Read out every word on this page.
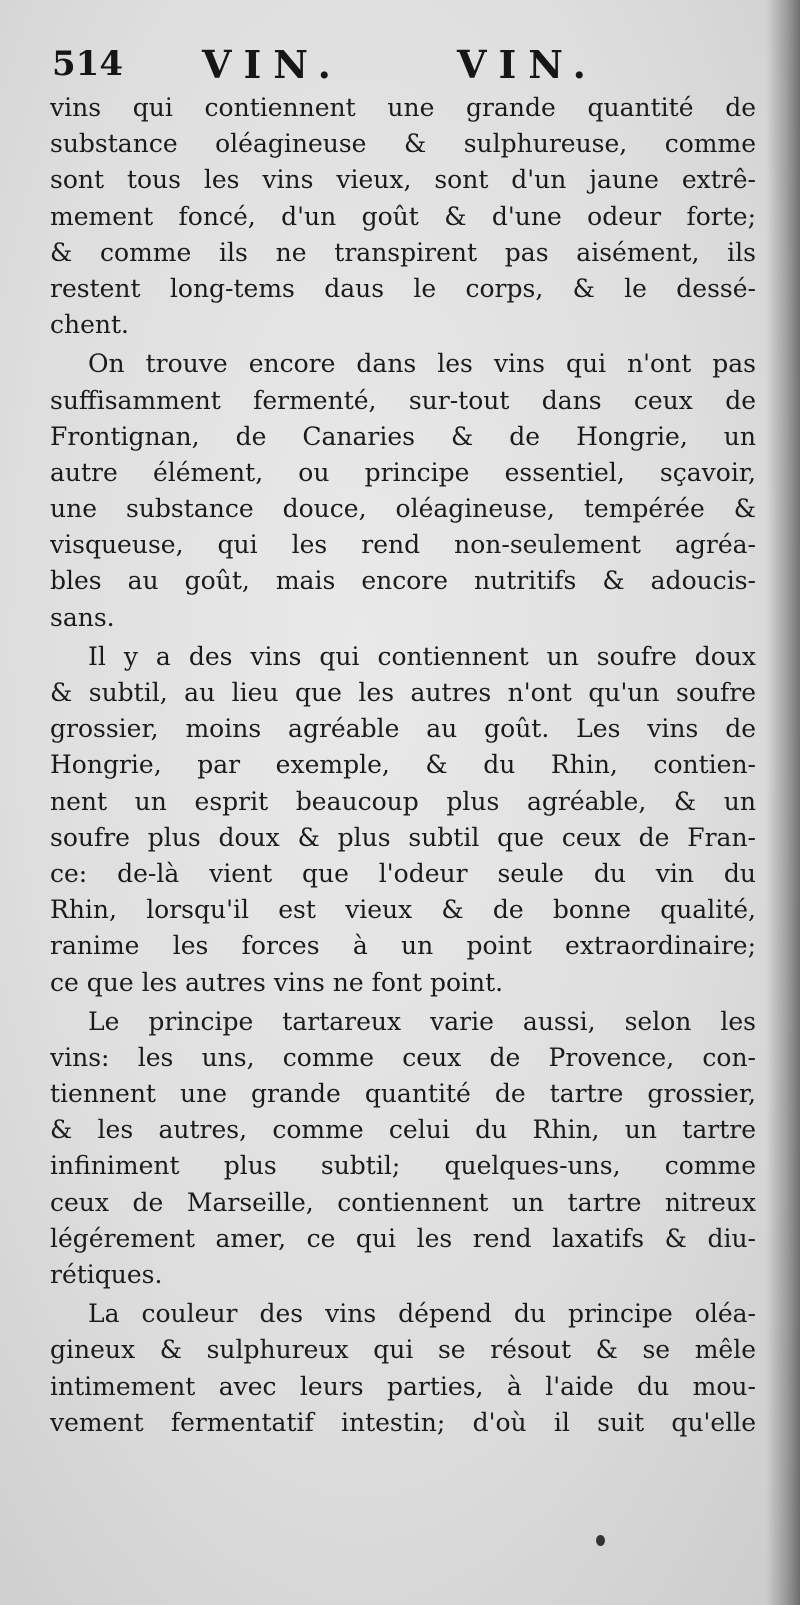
514 VIN.	VIN.
vins qui contiennent une grande quantité de
substance oléagineuse & sulphureuse, comme
sont tous les vins vieux, sont d'un jaune extrê-
mement foncé, d'un goût & d'une odeur forte;
& comme ils ne transpirent pas aisément, ils
restent long-tems daus le corps, & le dessé-
chent.
On trouve encore dans les vins qui n'ont pas
suffisamment fermenté, sur-tout dans ceux de
Frontignan, de Canaries & de Hongrie, un
autre élément, ou principe essentiel, sçavoir,
une substance douce, oléagineuse, tempérée &
visqueuse, qui les rend non-seulement agréa-
bles au goût, mais encore nutritifs & adoucis-
sans.
Il y a des vins qui contiennent un soufre doux
& subtil, au lieu que les autres n'ont qu'un soufre
grossier, moins agréable au goût. Les vins de
Hongrie, par exemple, & du Rhin, contien-
nent un esprit beaucoup plus agréable, & un
soufre plus doux & plus subtil que ceux de Fran-
ce: de-là vient que l'odeur seule du vin du
Rhin, lorsqu'il est vieux & de bonne qualité,
ranime les forces à un point extraordinaire;
ce que les autres vins ne font point.
Le principe tartareux varie aussi, selon les
vins: les uns, comme ceux de Provence, con-
tiennent une grande quantité de tartre grossier,
& les autres, comme celui du Rhin, un tartre
infiniment plus subtil; quelques-uns, comme
ceux de Marseille, contiennent un tartre nitreux
légérement amer, ce qui les rend laxatifs & diu-
rétiques.
La couleur des vins dépend du principe oléa-
gineux & sulphureux qui se résout & se mêle
intimement avec leurs parties, à l'aide du mou-
vement fermentatif intestin; d'où il suit qu'elle
